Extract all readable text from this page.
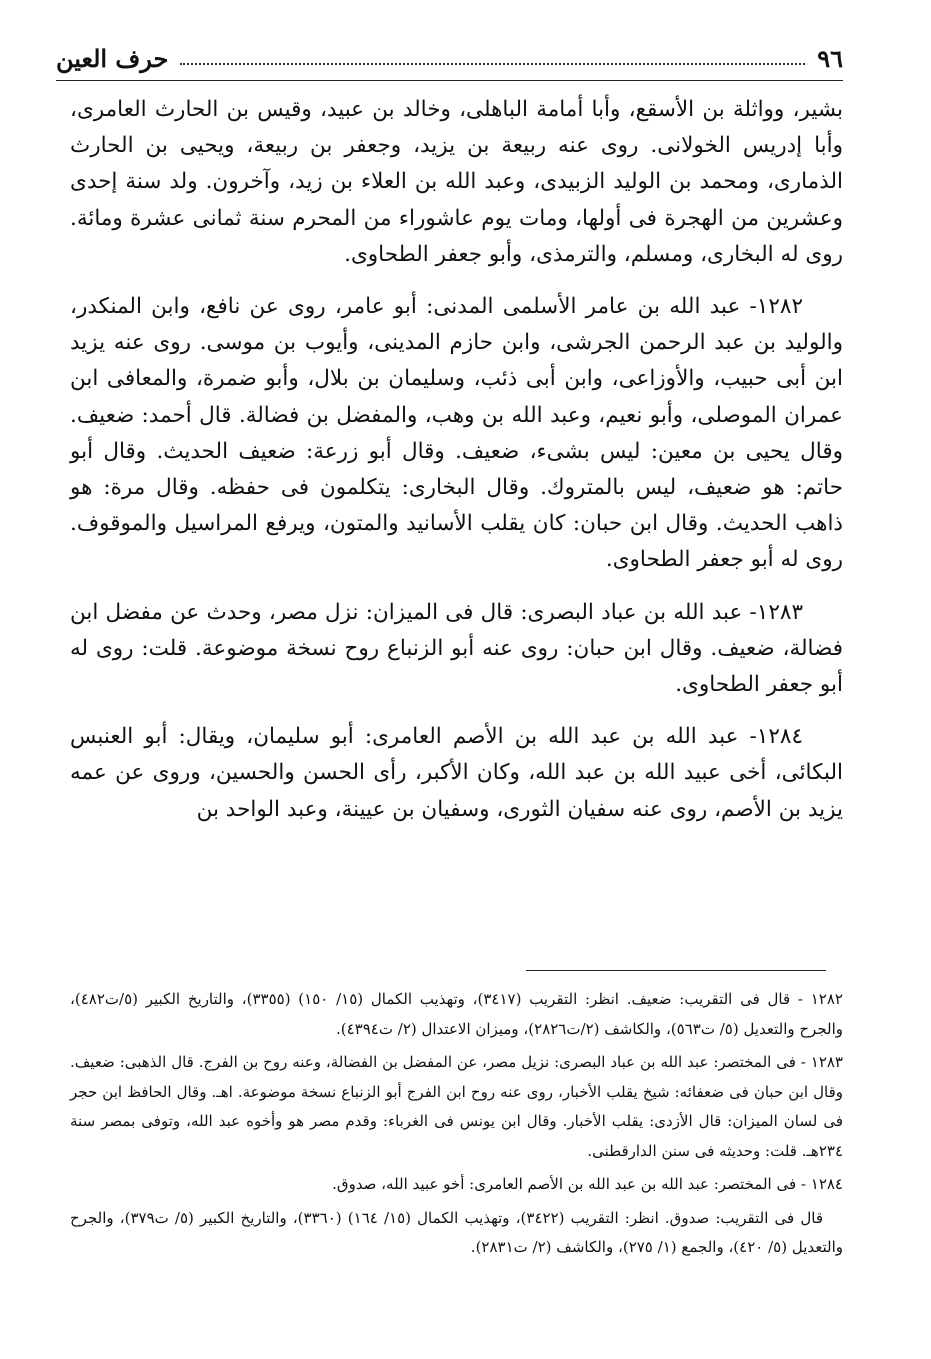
٩٦
حرف العين

بشير، وواثلة بن الأسقع، وأبا أمامة الباهلى، وخالد بن عبيد، وقيس بن الحارث العامرى، وأبا إدريس الخولانى. روى عنه ربيعة بن يزيد، وجعفر بن ربيعة، ويحيى بن الحارث الذمارى، ومحمد بن الوليد الزبيدى، وعبد الله بن العلاء بن زيد، وآخرون. ولد سنة إحدى وعشرين من الهجرة فى أولها، ومات يوم عاشوراء من المحرم سنة ثمانى عشرة ومائة. روى له البخارى، ومسلم، والترمذى، وأبو جعفر الطحاوى.

١٢٨٢- عبد الله بن عامر الأسلمى المدنى: أبو عامر، روى عن نافع، وابن المنكدر، والوليد بن عبد الرحمن الجرشى، وابن حازم المدينى، وأيوب بن موسى. روى عنه يزيد ابن أبى حبيب، والأوزاعى، وابن أبى ذئب، وسليمان بن بلال، وأبو ضمرة، والمعافى ابن عمران الموصلى، وأبو نعيم، وعبد الله بن وهب، والمفضل بن فضالة. قال أحمد: ضعيف. وقال يحيى بن معين: ليس بشىء، ضعيف. وقال أبو زرعة: ضعيف الحديث. وقال أبو حاتم: هو ضعيف، ليس بالمتروك. وقال البخارى: يتكلمون فى حفظه. وقال مرة: هو ذاهب الحديث. وقال ابن حبان: كان يقلب الأسانيد والمتون، ويرفع المراسيل والموقوف. روى له أبو جعفر الطحاوى.

١٢٨٣- عبد الله بن عباد البصرى: قال فى الميزان: نزل مصر، وحدث عن مفضل ابن فضالة، ضعيف. وقال ابن حبان: روى عنه أبو الزنباع روح نسخة موضوعة. قلت: روى له أبو جعفر الطحاوى.

١٢٨٤- عبد الله بن عبد الله بن الأصم العامرى: أبو سليمان، ويقال: أبو العنبس البكائى، أخى عبيد الله بن عبد الله، وكان الأكبر، رأى الحسن والحسين، وروى عن عمه يزيد بن الأصم، روى عنه سفيان الثورى، وسفيان بن عيينة، وعبد الواحد بن

١٢٨٢ - قال فى التقريب: ضعيف. انظر: التقريب (٣٤١٧)، وتهذيب الكمال (١٥/ ١٥٠) (٣٣٥٥)، والتاريخ الكبير (٥/ت٤٨٢)، والجرح والتعديل (٥/ ت٥٦٣)، والكاشف (٢/ت٢٨٢٦)، وميزان الاعتدال (٢/ ت٤٣٩٤).

١٢٨٣ - فى المختصر: عبد الله بن عباد البصرى: نزيل مصر، عن المفضل بن الفضالة، وعنه روح بن الفرج. قال الذهبى: ضعيف. وقال ابن حبان فى ضعفائه: شيخ يقلب الأخبار، روى عنه روح ابن الفرج أبو الزنباع نسخة موضوعة. اهـ. وقال الحافظ ابن حجر فى لسان الميزان: قال الأزدى: يقلب الأخبار. وقال ابن يونس فى الغرباء: وقدم مصر هو وأخوه عبد الله، وتوفى بمصر سنة ٢٣٤هـ. قلت: وحديثه فى سنن الدارقطنى.

١٢٨٤ - فى المختصر: عبد الله بن عبد الله بن الأصم العامرى: أخو عبيد الله، صدوق.

قال فى التقريب: صدوق. انظر: التقريب (٣٤٢٢)، وتهذيب الكمال (١٥/ ١٦٤) (٣٣٦٠)، والتاريخ الكبير (٥/ ت٣٧٩)، والجرح والتعديل (٥/ ٤٢٠)، والجمع (١/ ٢٧٥)، والكاشف (٢/ ت٢٨٣١).
